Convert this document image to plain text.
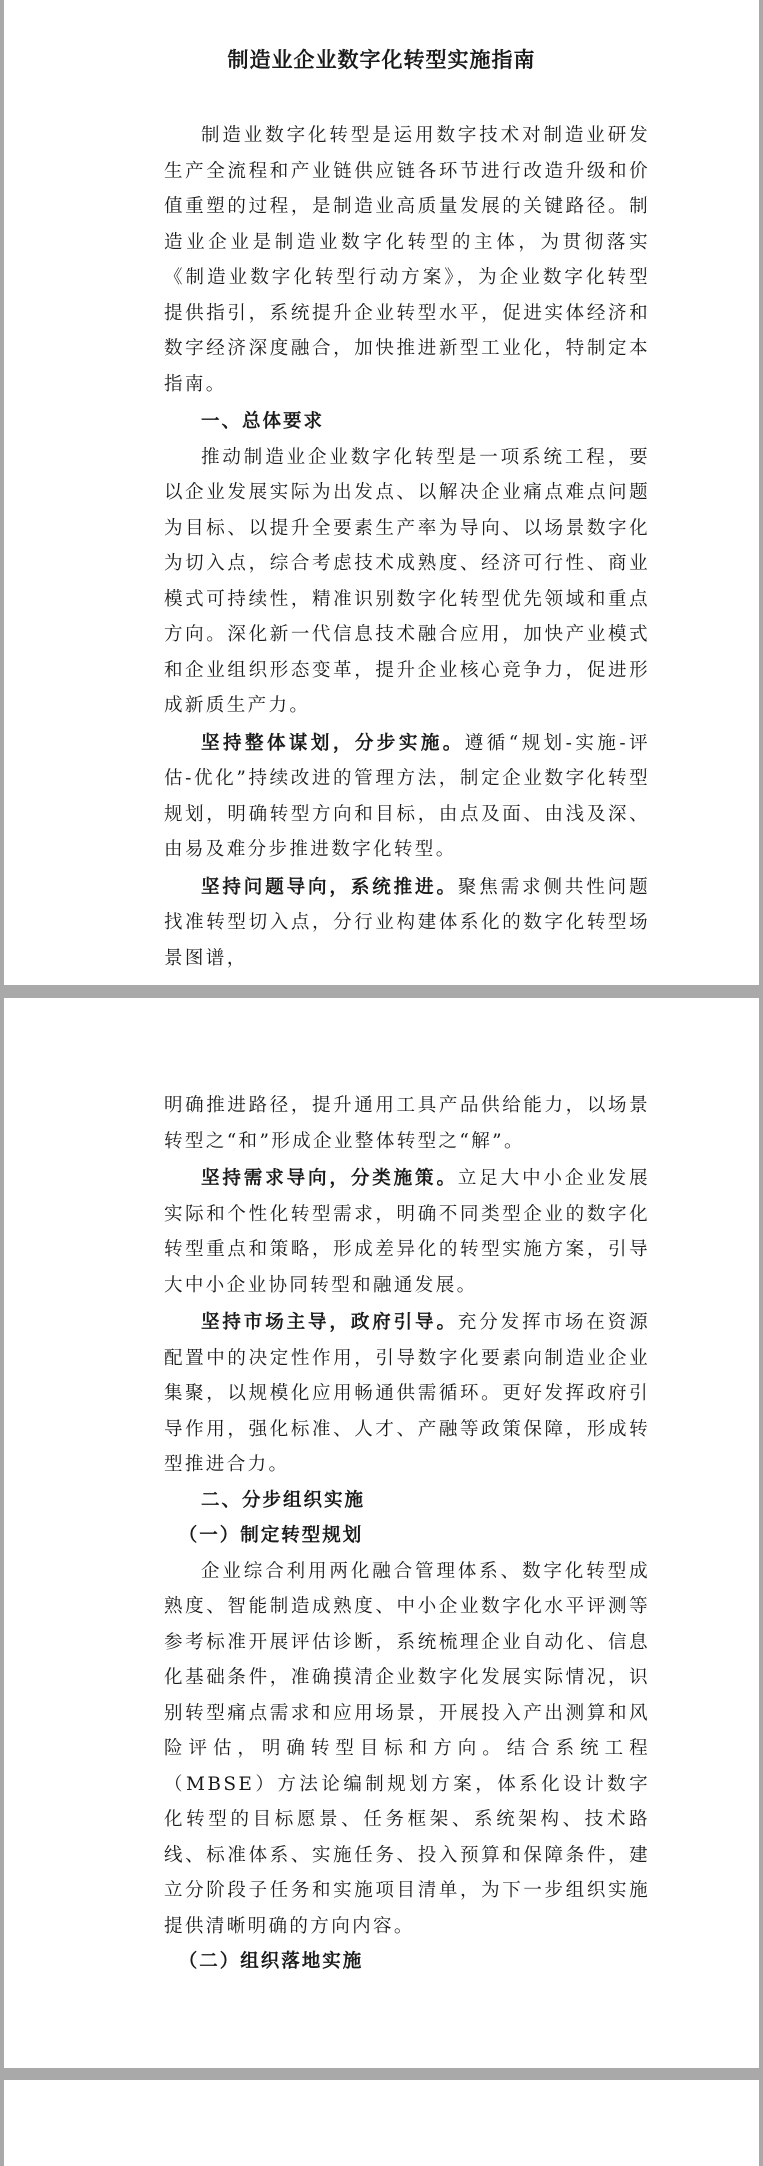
制造业企业数字化转型实施指南

制造业数字化转型是运用数字技术对制造业研发生产全流程和产业链供应链各环节进行改造升级和价值重塑的过程，是制造业高质量发展的关键路径。制造业企业是制造业数字化转型的主体，为贯彻落实《制造业数字化转型行动方案》，为企业数字化转型提供指引，系统提升企业转型水平，促进实体经济和数字经济深度融合，加快推进新型工业化，特制定本指南。

一、总体要求

推动制造业企业数字化转型是一项系统工程，要以企业发展实际为出发点、以解决企业痛点难点问题为目标、以提升全要素生产率为导向、以场景数字化为切入点，综合考虑技术成熟度、经济可行性、商业模式可持续性，精准识别数字化转型优先领域和重点方向。深化新一代信息技术融合应用，加快产业模式和企业组织形态变革，提升企业核心竞争力，促进形成新质生产力。

坚持整体谋划，分步实施。遵循“规划-实施-评估-优化”持续改进的管理方法，制定企业数字化转型规划，明确转型方向和目标，由点及面、由浅及深、由易及难分步推进数字化转型。

坚持问题导向，系统推进。聚焦需求侧共性问题找准转型切入点，分行业构建体系化的数字化转型场景图谱，

明确推进路径，提升通用工具产品供给能力，以场景转型之“和”形成企业整体转型之“解”。

坚持需求导向，分类施策。立足大中小企业发展实际和个性化转型需求，明确不同类型企业的数字化转型重点和策略，形成差异化的转型实施方案，引导大中小企业协同转型和融通发展。

坚持市场主导，政府引导。充分发挥市场在资源配置中的决定性作用，引导数字化要素向制造业企业集聚，以规模化应用畅通供需循环。更好发挥政府引导作用，强化标准、人才、产融等政策保障，形成转型推进合力。

二、分步组织实施
（一）制定转型规划

企业综合利用两化融合管理体系、数字化转型成熟度、智能制造成熟度、中小企业数字化水平评测等参考标准开展评估诊断，系统梳理企业自动化、信息化基础条件，准确摸清企业数字化发展实际情况，识别转型痛点需求和应用场景，开展投入产出测算和风险评估，明确转型目标和方向。结合系统工程（MBSE）方法论编制规划方案，体系化设计数字化转型的目标愿景、任务框架、系统架构、技术路线、标准体系、实施任务、投入预算和保障条件，建立分阶段子任务和实施项目清单，为下一步组织实施提供清晰明确的方向内容。

（二）组织落地实施
